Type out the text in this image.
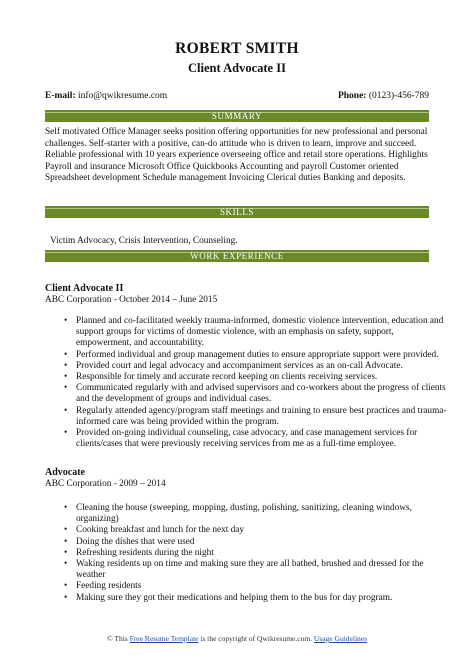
ROBERT SMITH
Client Advocate II
E-mail: info@qwikresume.com	Phone: (0123)-456-789
SUMMARY
Self motivated Office Manager seeks position offering opportunities for new professional and personal challenges. Self-starter with a positive, can-do attitude who is driven to learn, improve and succeed. Reliable professional with 10 years experience overseeing office and retail store operations. Highlights Payroll and insurance Microsoft Office Quickbooks Accounting and payroll Customer oriented Spreadsheet development Schedule management Invoicing Clerical duties Banking and deposits.
SKILLS
Victim Advocacy, Crisis Intervention, Counseling.
WORK EXPERIENCE
Client Advocate II
ABC Corporation - October 2014 – June 2015
• Planned and co-facilitated weekly trauma-informed, domestic violence intervention, education and support groups for victims of domestic violence, with an emphasis on safety, support, empowerment, and accountability.
• Performed individual and group management duties to ensure appropriate support were provided.
• Provided court and legal advocacy and accompaniment services as an on-call Advocate.
• Responsible for timely and accurate record keeping on clients receiving services.
• Communicated regularly with and advised supervisors and co-workers about the progress of clients and the development of groups and individual cases.
• Regularly attended agency/program staff meetings and training to ensure best practices and trauma-informed care was being provided within the program.
• Provided on-going individual counseling, case advocacy, and case management services for clients/cases that were previously receiving services from me as a full-time employee.
Advocate
ABC Corporation - 2009 – 2014
• Cleaning the house (sweeping, mopping, dusting, polishing, sanitizing, cleaning windows, organizing)
• Cooking breakfast and lunch for the next day
• Doing the dishes that were used
• Refreshing residents during the night
• Waking residents up on time and making sure they are all bathed, brushed and dressed for the weather
• Feeding residents
• Making sure they got their medications and helping them to the bus for day program.
© This Free Resume Template is the copyright of Qwikresume.com. Usage Guidelines
